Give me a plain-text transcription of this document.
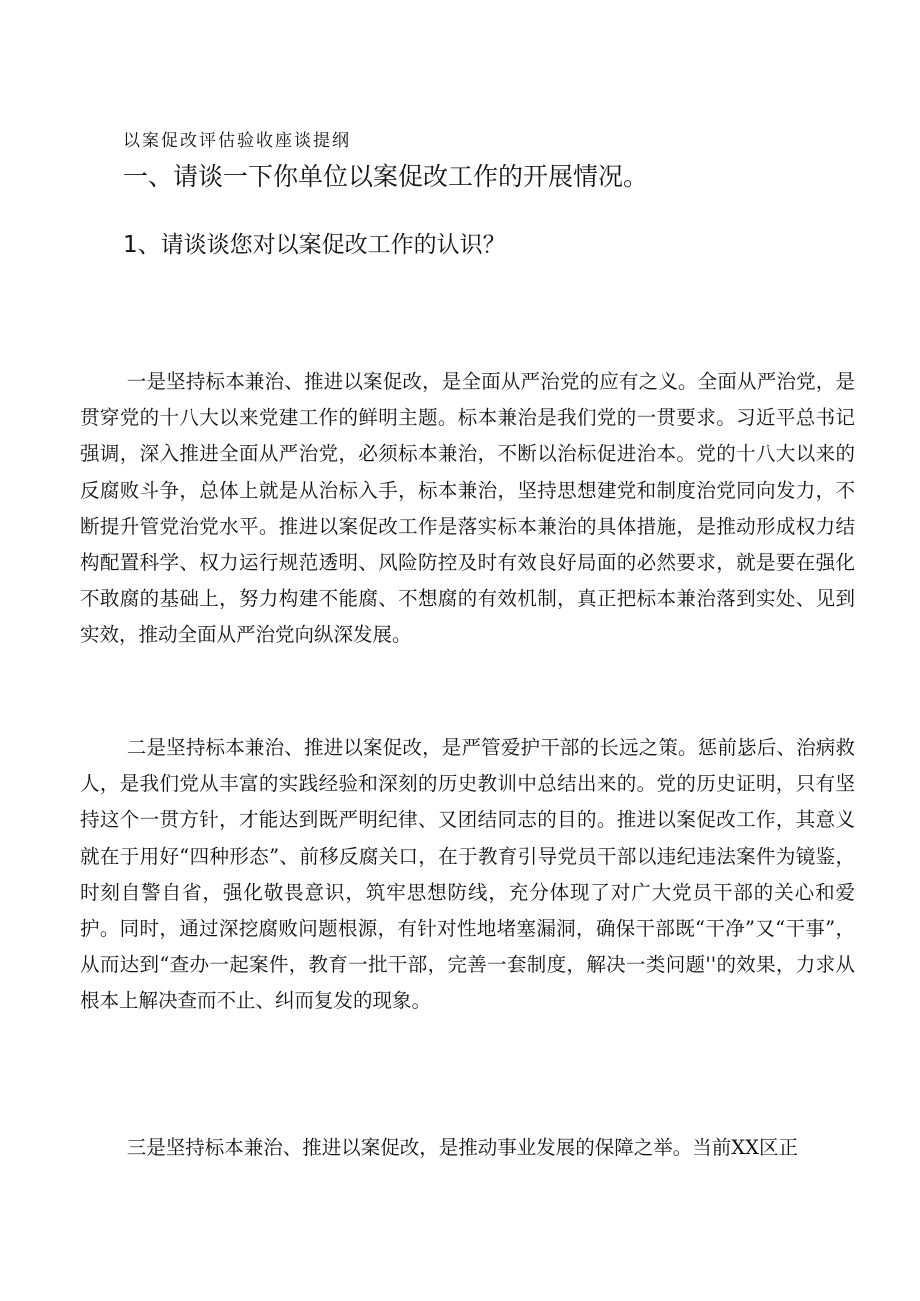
以案促改评估验收座谈提纲
一、请谈一下你单位以案促改工作的开展情况。
1、请谈谈您对以案促改工作的认识？

一是坚持标本兼治、推进以案促改，是全面从严治党的应有之义。全面从严治党，是贯穿党的十八大以来党建工作的鲜明主题。标本兼治是我们党的一贯要求。习近平总书记强调，深入推进全面从严治党，必须标本兼治，不断以治标促进治本。党的十八大以来的反腐败斗争，总体上就是从治标入手，标本兼治，坚持思想建党和制度治党同向发力，不断提升管党治党水平。推进以案促改工作是落实标本兼治的具体措施，是推动形成权力结构配置科学、权力运行规范透明、风险防控及时有效良好局面的必然要求，就是要在强化不敢腐的基础上，努力构建不能腐、不想腐的有效机制，真正把标本兼治落到实处、见到实效，推动全面从严治党向纵深发展。

二是坚持标本兼治、推进以案促改，是严管爱护干部的长远之策。惩前毖后、治病救人，是我们党从丰富的实践经验和深刻的历史教训中总结出来的。党的历史证明，只有坚持这个一贯方针，才能达到既严明纪律、又团结同志的目的。推进以案促改工作，其意义就在于用好“四种形态”、前移反腐关口，在于教育引导党员干部以违纪违法案件为镜鉴，时刻自警自省，强化敬畏意识，筑牢思想防线，充分体现了对广大党员干部的关心和爱护。同时，通过深挖腐败问题根源，有针对性地堵塞漏洞，确保干部既“干净”又“干事”，从而达到“查办一起案件，教育一批干部，完善一套制度，解决一类问题''的效果，力求从根本上解决查而不止、纠而复发的现象。

三是坚持标本兼治、推进以案促改，是推动事业发展的保障之举。当前XX区正
